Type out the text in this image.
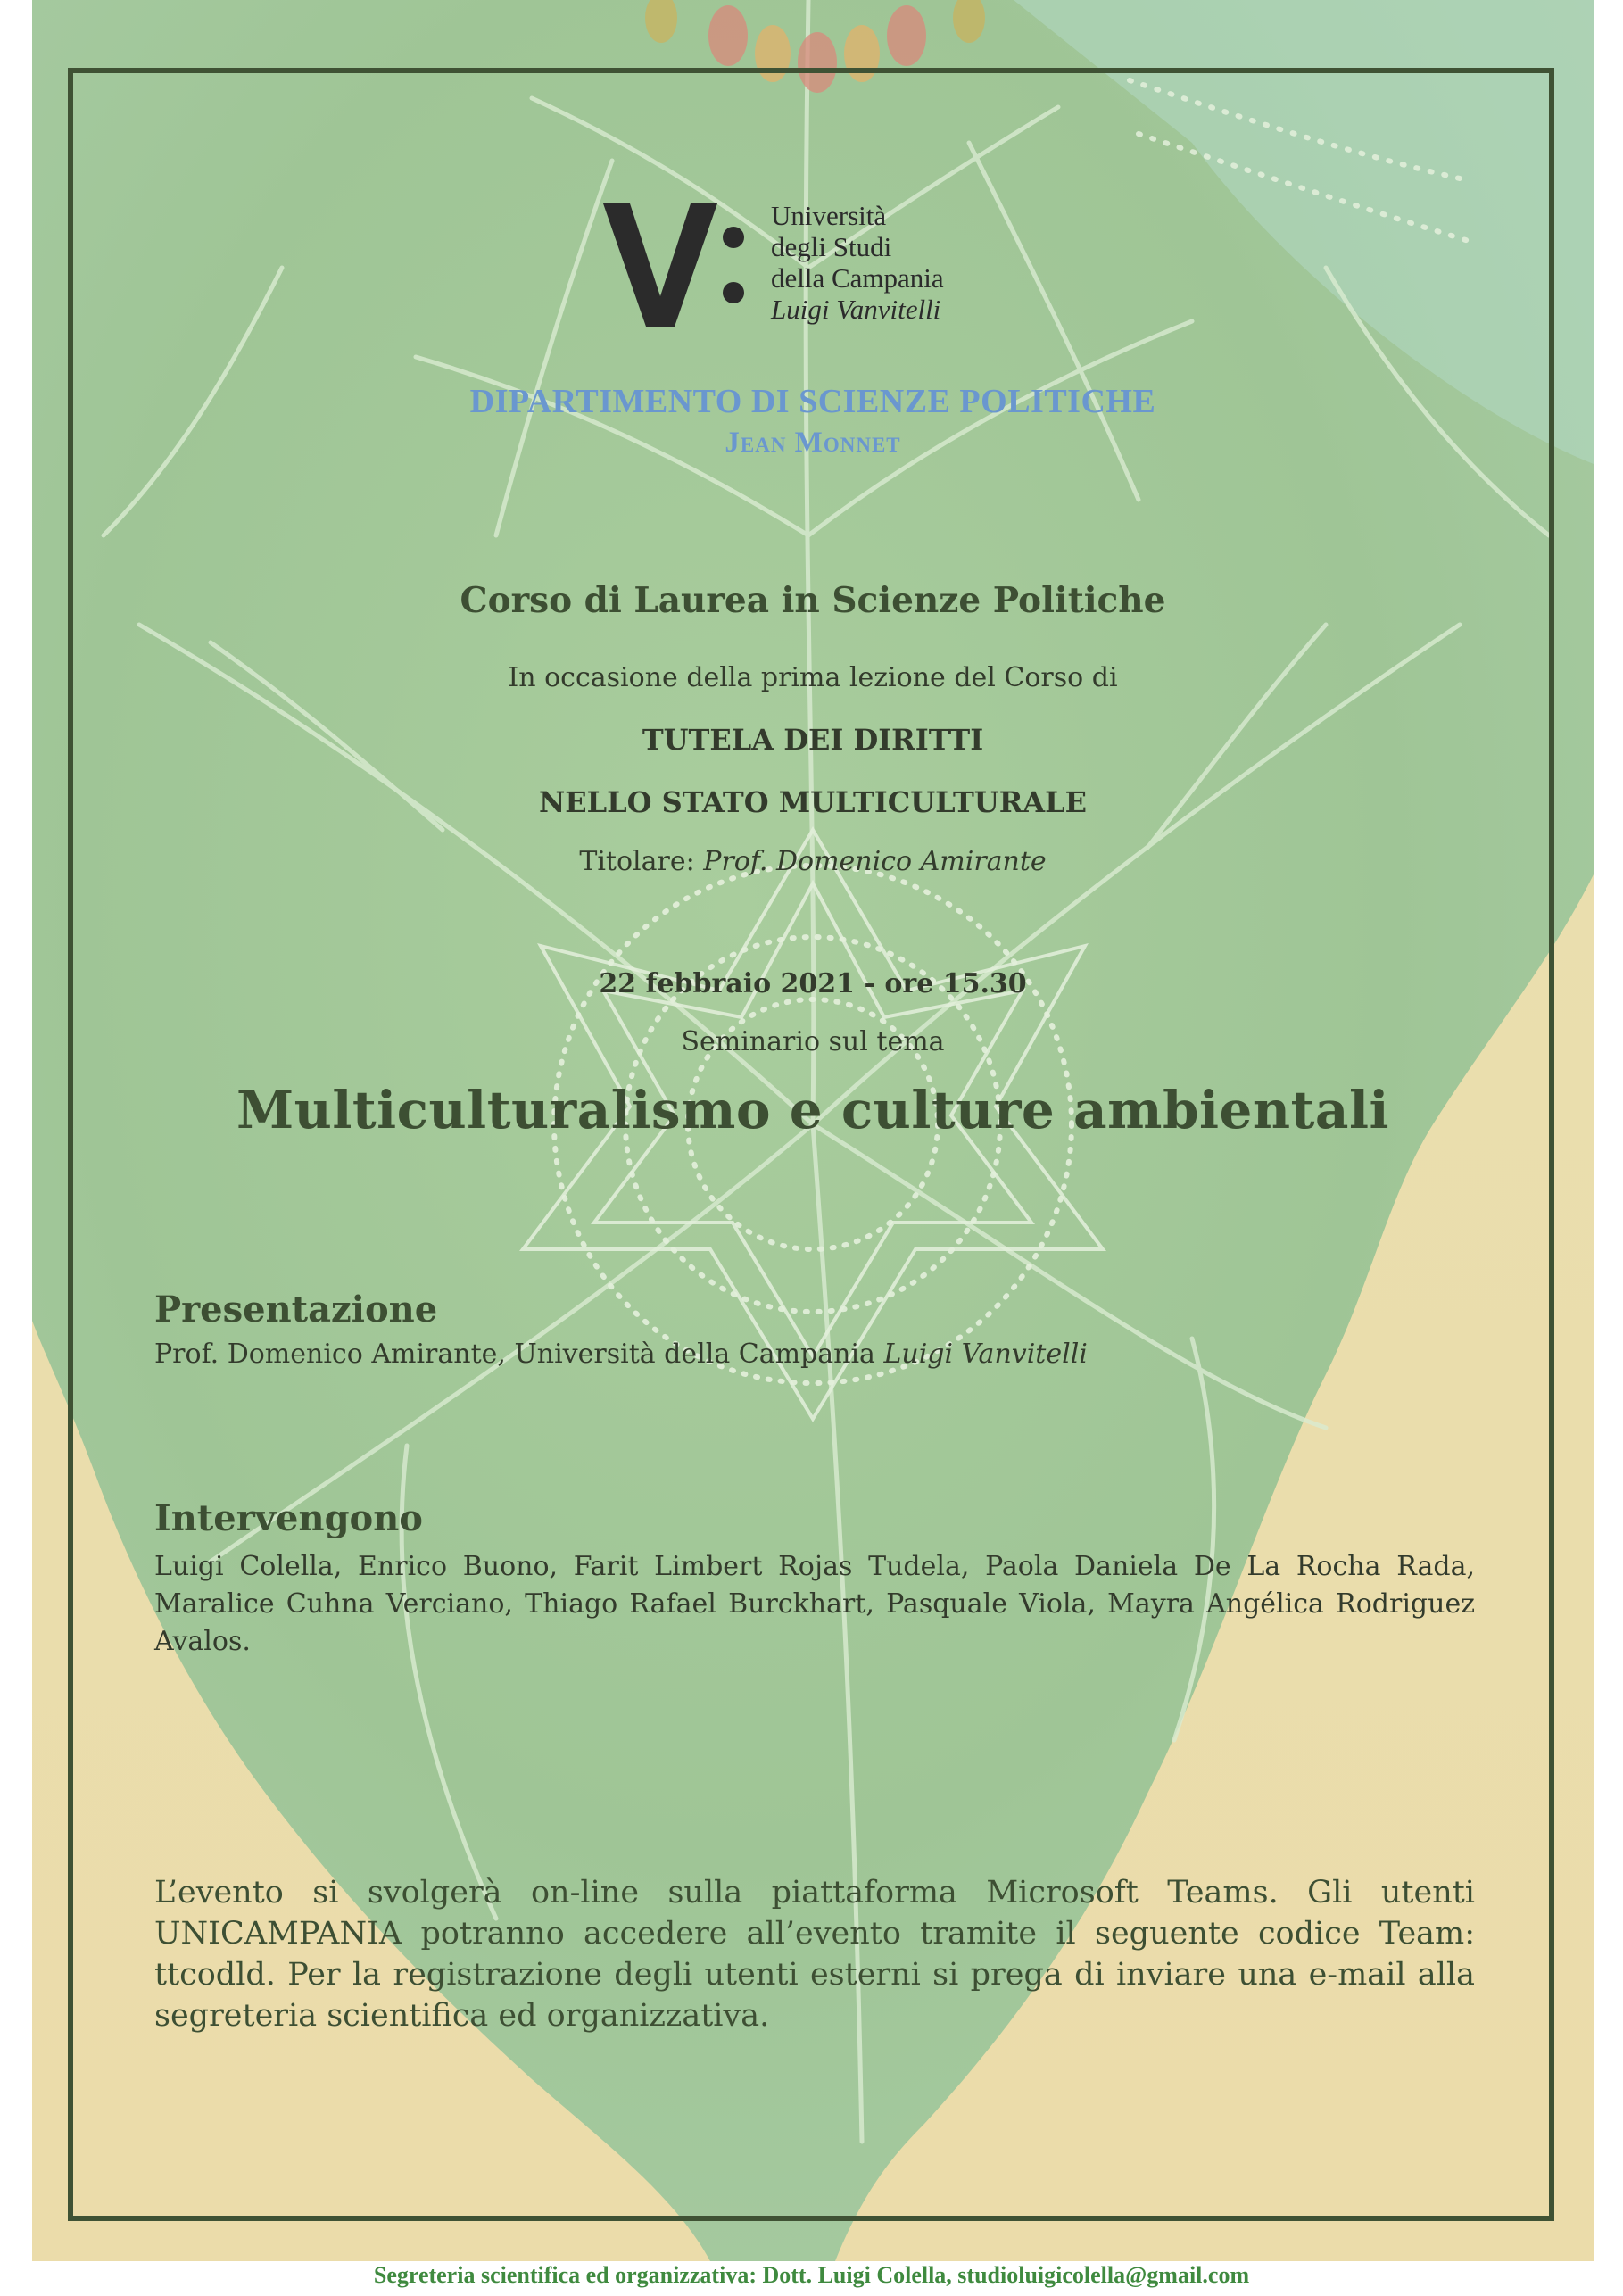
Università
degli Studi
della Campania
Luigi Vanvitelli
DIPARTIMENTO DI SCIENZE POLITICHE
Jean Monnet
Corso di Laurea in Scienze Politiche
In occasione della prima lezione del Corso di
TUTELA DEI DIRITTI
NELLO STATO MULTICULTURALE
Titolare: Prof. Domenico Amirante
22 febbraio 2021 - ore 15.30
Seminario sul tema
Multiculturalismo e culture ambientali
Presentazione
Prof. Domenico Amirante, Università della Campania Luigi Vanvitelli
Intervengono
Luigi Colella, Enrico Buono, Farit Limbert Rojas Tudela, Paola Daniela De La Rocha Rada, Maralice Cuhna Verciano, Thiago Rafael Burckhart, Pasquale Viola, Mayra Angélica Rodriguez Avalos.
L’evento si svolgerà on-line sulla piattaforma Microsoft Teams. Gli utenti UNICAMPANIA potranno accedere all’evento tramite il seguente codice Team: ttcodld. Per la registrazione degli utenti esterni si prega di inviare una e-mail alla segreteria scientifica ed organizzativa.
Segreteria scientifica ed organizzativa: Dott. Luigi Colella, studioluigicolella@gmail.com
